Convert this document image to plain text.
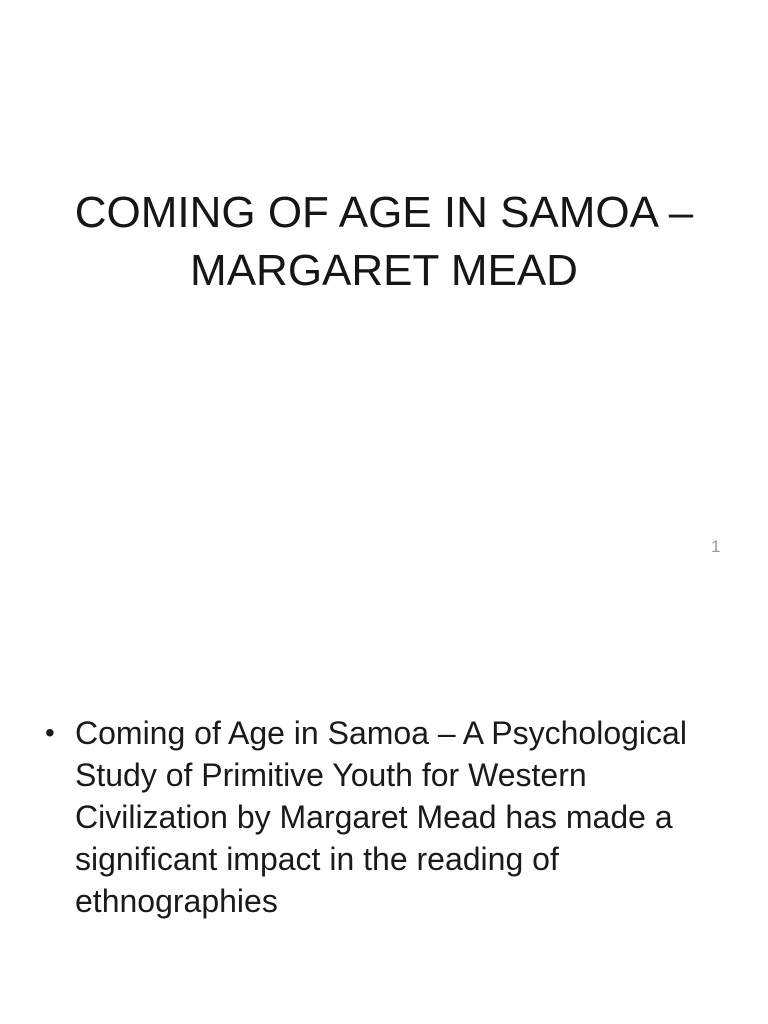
COMING OF AGE IN SAMOA –
MARGARET MEAD
1
• Coming of Age in Samoa – A Psychological
Study of Primitive Youth for Western
Civilization by Margaret Mead has made a
significant impact in the reading of
ethnographies
